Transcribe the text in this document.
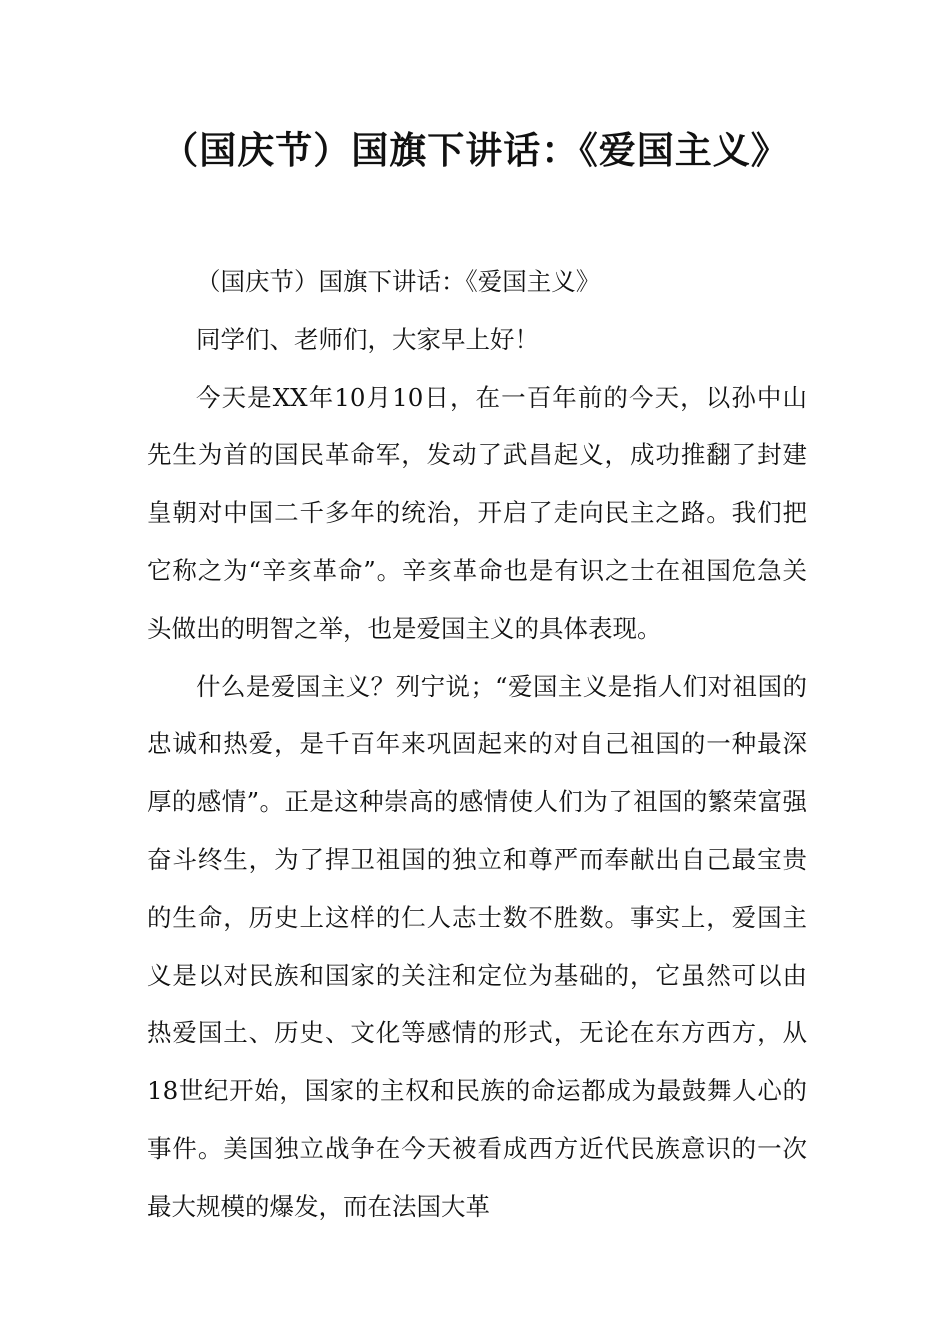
（国庆节）国旗下讲话：《爱国主义》

（国庆节）国旗下讲话：《爱国主义》

同学们、老师们，大家早上好！

今天是XX年10月10日，在一百年前的今天，以孙中山先生为首的国民革命军，发动了武昌起义，成功推翻了封建皇朝对中国二千多年的统治，开启了走向民主之路。我们把它称之为“辛亥革命”。辛亥革命也是有识之士在祖国危急关头做出的明智之举，也是爱国主义的具体表现。

什么是爱国主义？列宁说；“爱国主义是指人们对祖国的忠诚和热爱，是千百年来巩固起来的对自己祖国的一种最深厚的感情”。正是这种崇高的感情使人们为了祖国的繁荣富强奋斗终生，为了捍卫祖国的独立和尊严而奉献出自己最宝贵的生命，历史上这样的仁人志士数不胜数。事实上，爱国主义是以对民族和国家的关注和定位为基础的，它虽然可以由热爱国土、历史、文化等感情的形式，无论在东方西方，从18世纪开始，国家的主权和民族的命运都成为最鼓舞人心的事件。美国独立战争在今天被看成西方近代民族意识的一次最大规模的爆发，而在法国大革
